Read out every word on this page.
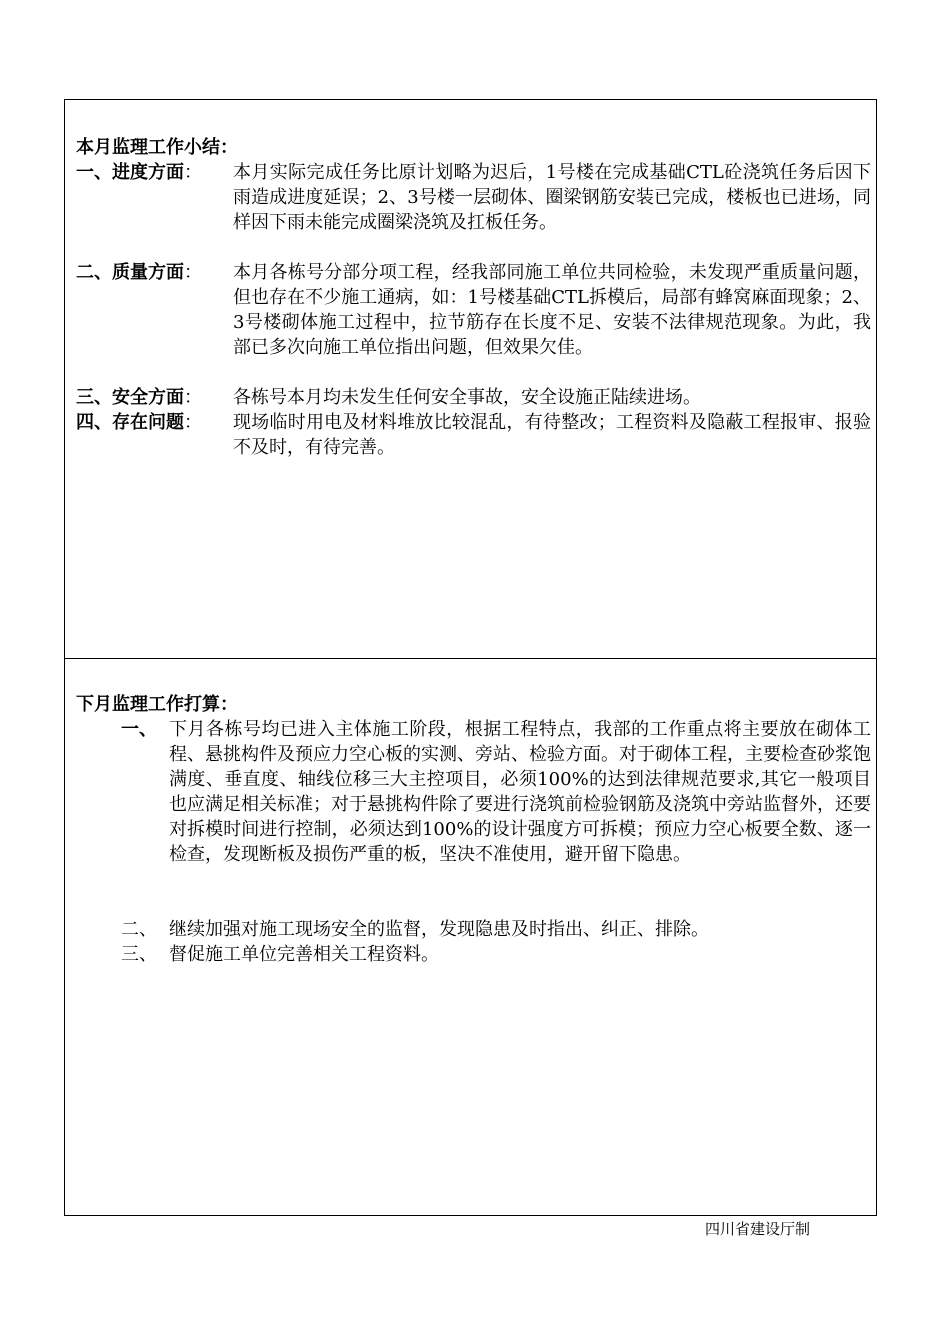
本月监理工作小结：
一、进度方面： 本月实际完成任务比原计划略为迟后，1号楼在完成基础CTL砼浇筑任务后因下雨造成进度延误；2、3号楼一层砌体、圈梁钢筋安装已完成，楼板也已进场，同样因下雨未能完成圈梁浇筑及扛板任务。
二、质量方面： 本月各栋号分部分项工程，经我部同施工单位共同检验，未发现严重质量问题，但也存在不少施工通病，如：1号楼基础CTL拆模后，局部有蜂窝麻面现象；2、3号楼砌体施工过程中，拉节筋存在长度不足、安装不法律规范现象。为此，我部已多次向施工单位指出问题，但效果欠佳。
三、安全方面： 各栋号本月均未发生任何安全事故，安全设施正陆续进场。
四、存在问题： 现场临时用电及材料堆放比较混乱，有待整改；工程资料及隐蔽工程报审、报验不及时，有待完善。
下月监理工作打算：
一、 下月各栋号均已进入主体施工阶段，根据工程特点，我部的工作重点将主要放在砌体工程、悬挑构件及预应力空心板的实测、旁站、检验方面。对于砌体工程，主要检查砂浆饱满度、垂直度、轴线位移三大主控项目，必须100%的达到法律规范要求,其它一般项目也应满足相关标准；对于悬挑构件除了要进行浇筑前检验钢筋及浇筑中旁站监督外，还要对拆模时间进行控制，必须达到100%的设计强度方可拆模；预应力空心板要全数、逐一检查，发现断板及损伤严重的板，坚决不准使用，避开留下隐患。
二、 继续加强对施工现场安全的监督，发现隐患及时指出、纠正、排除。
三、 督促施工单位完善相关工程资料。
四川省建设厅制
